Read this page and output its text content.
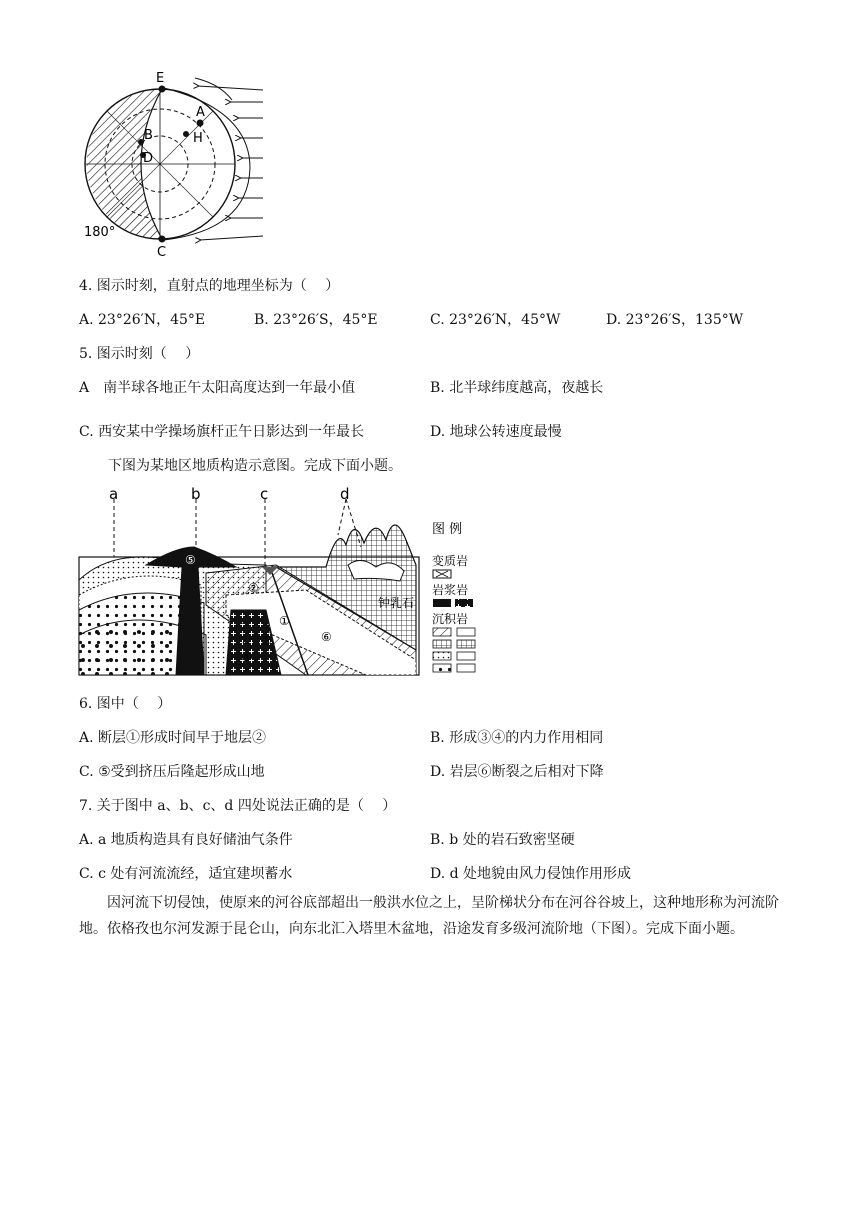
E
A
H
B
D
C
180°
4. 图示时刻，直射点的地理坐标为（　 ）
A. 23°26′N，45°E	B. 23°26′S，45°E	C. 23°26′N，45°W	D. 23°26′S，135°W
5. 图示时刻（　 ）
A　南半球各地正午太阳高度达到一年最小值	B. 北半球纬度越高，夜越长
C. 西安某中学操场旗杆正午日影达到一年最长	D. 地球公转速度最慢
下图为某地区地质构造示意图。完成下面小题。
a	b	c	d
⑤
②
①
③
④
⑥
钟乳石
图 例
变质岩
岩浆岩
沉积岩
6. 图中（　 ）
A. 断层①形成时间早于地层②	B. 形成③④的内力作用相同
C. ⑤受到挤压后隆起形成山地	D. 岩层⑥断裂之后相对下降
7. 关于图中 a、b、c、d 四处说法正确的是（　 ）
A. a 地质构造具有良好储油气条件	B. b 处的岩石致密坚硬
C. c 处有河流流经，适宜建坝蓄水	D. d 处地貌由风力侵蚀作用形成
因河流下切侵蚀，使原来的河谷底部超出一般洪水位之上，呈阶梯状分布在河谷谷坡上，这种地形称为河流阶地。依格孜也尔河发源于昆仑山，向东北汇入塔里木盆地，沿途发育多级河流阶地（下图）。完成下面小题。
